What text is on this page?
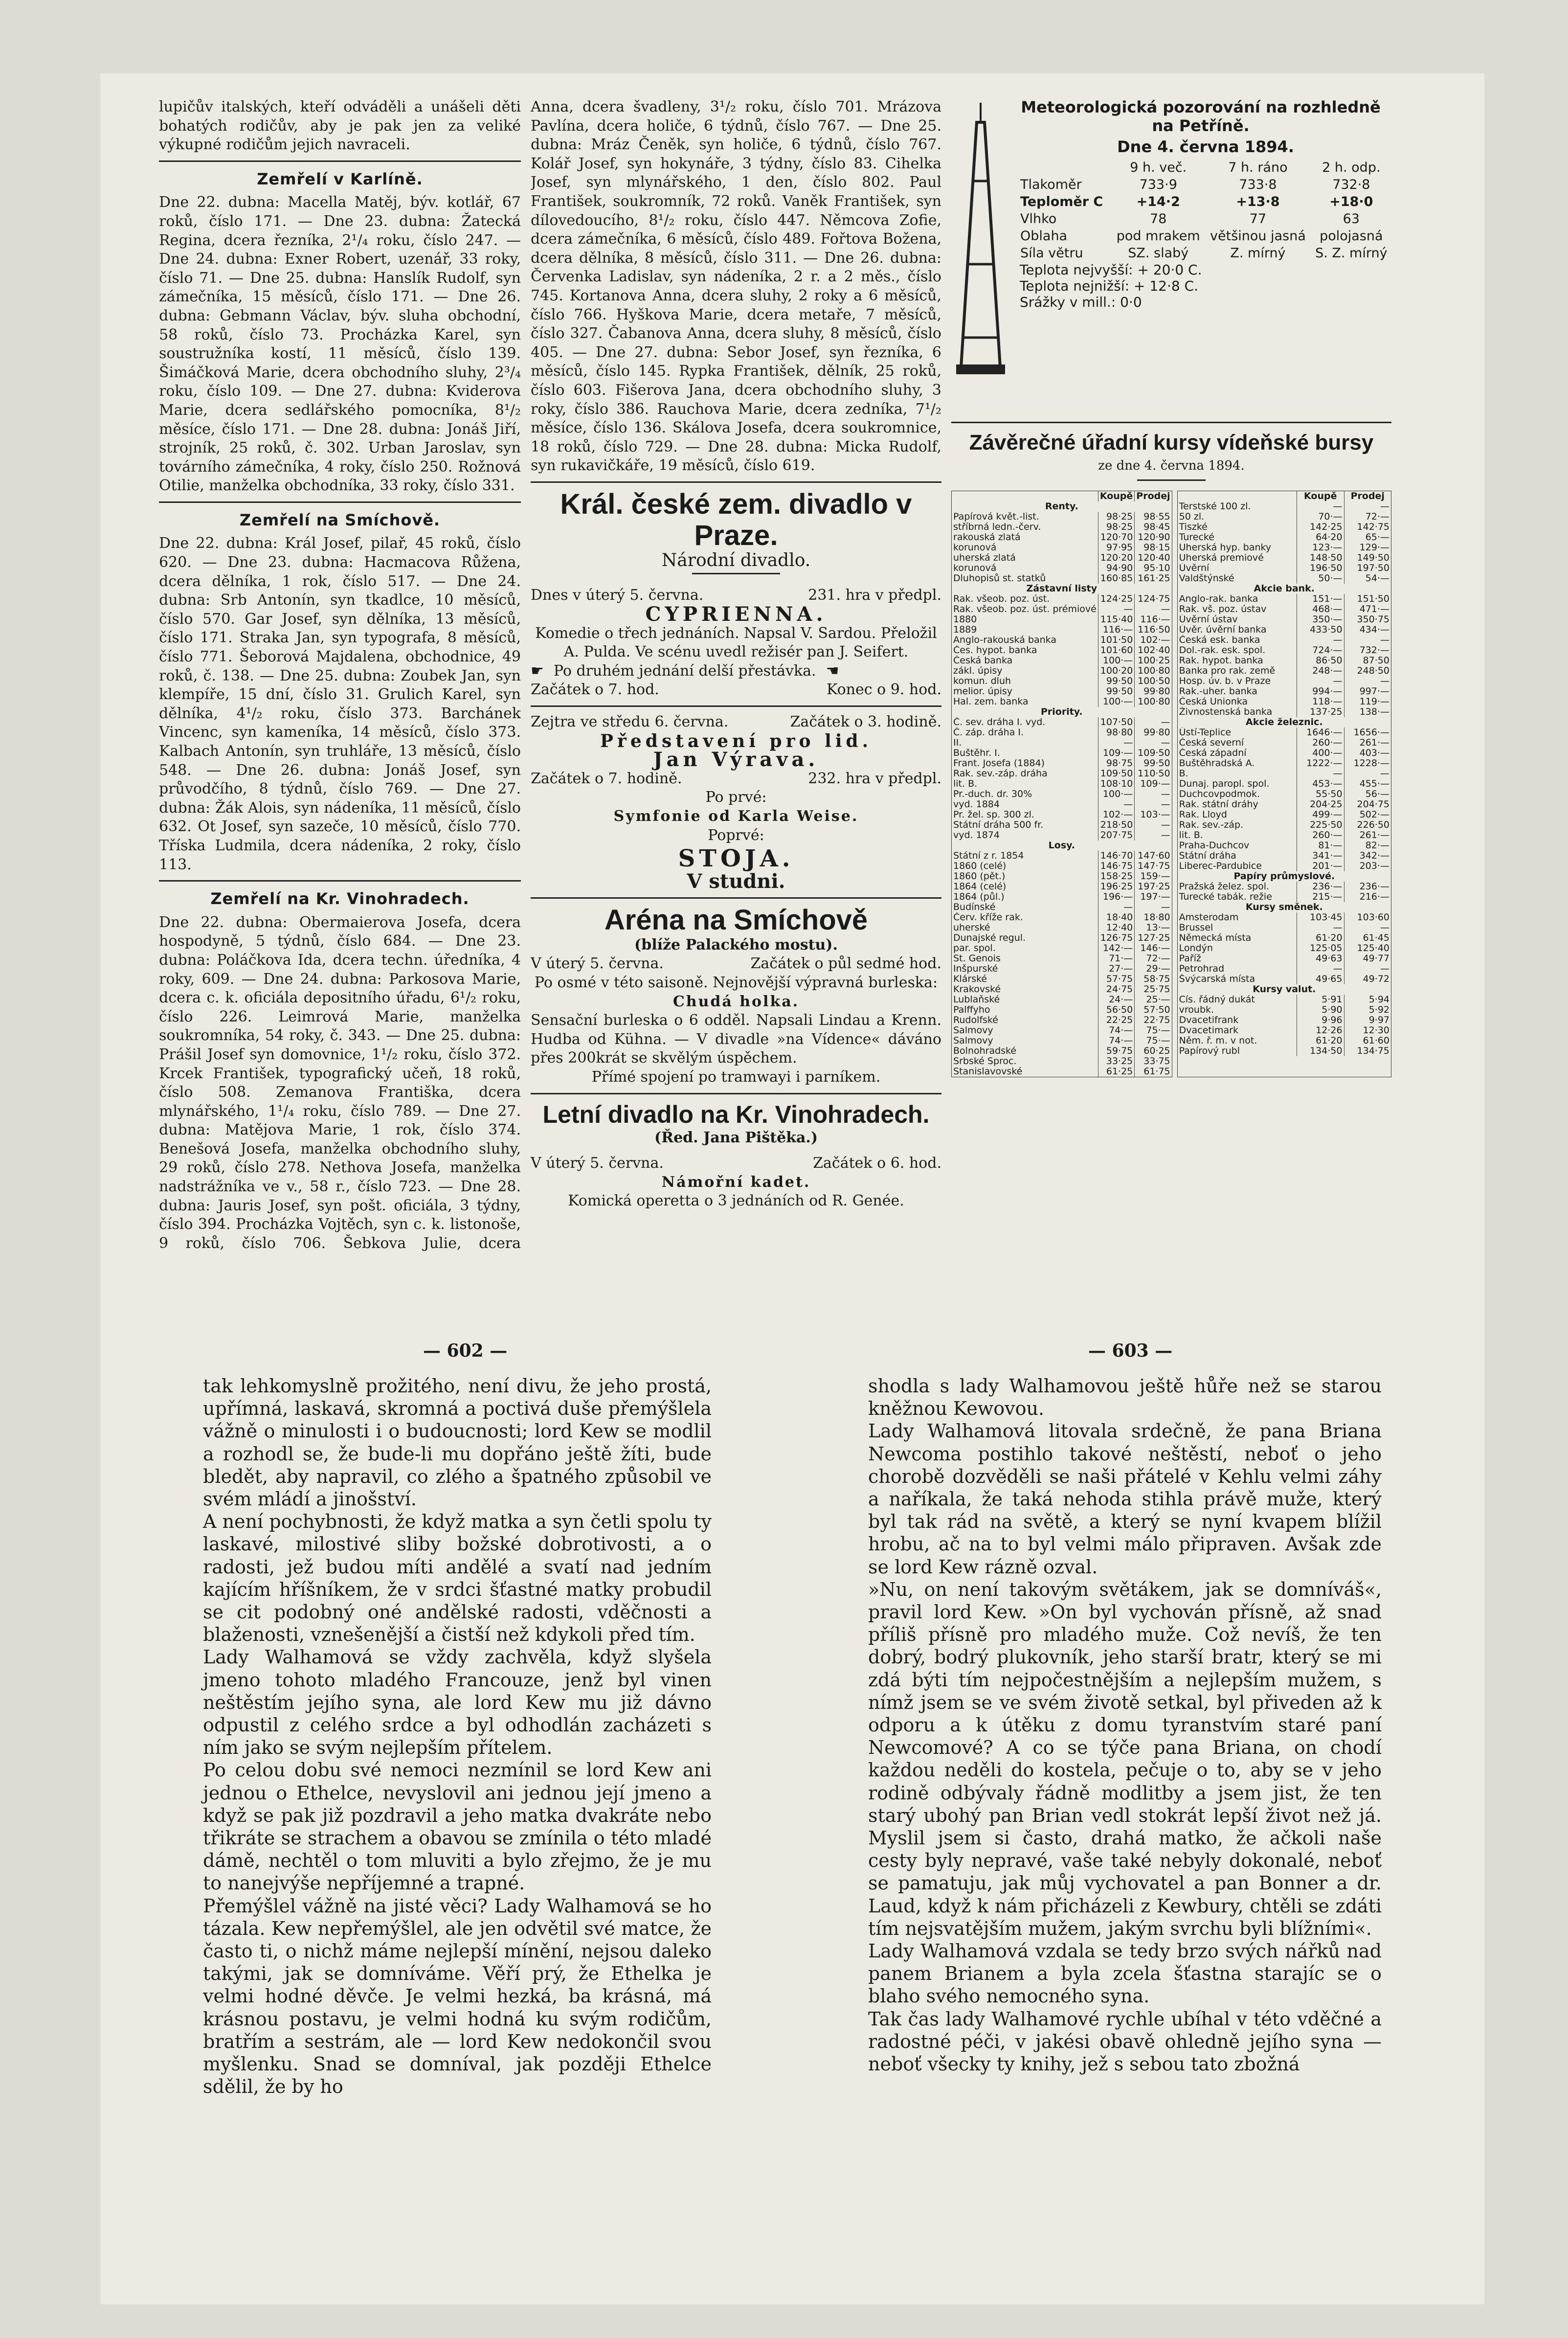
lupičův italských, kteří odváděli a unášeli děti bohatých rodičův, aby je pak jen za veliké výkupné rodičům jejich navraceli.

Zemřelí v Karlíně.

Dne 22. dubna: Macella Matěj, býv. kotlář, 67 roků, číslo 171. — Dne 23. dubna: Žatecká Regina, dcera řezníka, 2¹/₄ roku, číslo 247. — Dne 24. dubna: Exner Robert, uzenář, 33 roky, číslo 71. — Dne 25. dubna: Hanslík Rudolf, syn zámečníka, 15 měsíců, číslo 171. — Dne 26. dubna: Gebmann Václav, býv. sluha obchodní, 58 roků, číslo 73. Procházka Karel, syn soustružníka kostí, 11 měsíců, číslo 139. Šimáčková Marie, dcera obchodního sluhy, 2³/₄ roku, číslo 109. — Dne 27. dubna: Kviderova Marie, dcera sedlářského pomocníka, 8¹/₂ měsíce, číslo 171. — Dne 28. dubna: Jonáš Jiří, strojník, 25 roků, č. 302. Urban Jaroslav, syn továrního zámečníka, 4 roky, číslo 250. Rožnová Otilie, manželka obchodníka, 33 roky, číslo 331.

Zemřelí na Smíchově.

Dne 22. dubna: Král Josef, pilař, 45 roků, číslo 620. — Dne 23. dubna: Hacmacova Růžena, dcera dělníka, 1 rok, číslo 517. — Dne 24. dubna: Srb Antonín, syn tkadlce, 10 měsíců, číslo 570. Gar Josef, syn dělníka, 13 měsíců, číslo 171. Straka Jan, syn typografa, 8 měsíců, číslo 771. Šeborová Majdalena, obchodnice, 49 roků, č. 138. — Dne 25. dubna: Zoubek Jan, syn klempíře, 15 dní, číslo 31. Grulich Karel, syn dělníka, 4¹/₂ roku, číslo 373. Barchánek Vincenc, syn kameníka, 14 měsíců, číslo 373. Kalbach Antonín, syn truhláře, 13 měsíců, číslo 548. — Dne 26. dubna: Jonáš Josef, syn průvodčího, 8 týdnů, číslo 769. — Dne 27. dubna: Žák Alois, syn nádeníka, 11 měsíců, číslo 632. Ot Josef, syn sazeče, 10 měsíců, číslo 770. Tříska Ludmila, dcera nádeníka, 2 roky, číslo 113.

Zemřelí na Kr. Vinohradech.

Dne 22. dubna: Obermaierova Josefa, dcera hospodyně, 5 týdnů, číslo 684. — Dne 23. dubna: Poláčkova Ida, dcera techn. úředníka, 4 roky, 609. — Dne 24. dubna: Parkosova Marie, dcera c. k. oficiála depositního úřadu, 6¹/₂ roku, číslo 226. Leimrová Marie, manželka soukromníka, 54 roky, č. 343. — Dne 25. dubna: Prášil Josef syn domovnice, 1¹/₂ roku, číslo 372. Krcek František, typografický učeň, 18 roků, číslo 508. Zemanova Františka, dcera mlynářského, 1¹/₄ roku, číslo 789. — Dne 27. dubna: Matějova Marie, 1 rok, číslo 374. Benešová Josefa, manželka obchodního sluhy, 29 roků, číslo 278. Nethova Josefa, manželka nadstrážníka ve v., 58 r., číslo 723. — Dne 28. dubna: Jauris Josef, syn pošt. oficiála, 3 týdny, číslo 394. Procházka Vojtěch, syn c. k. listonoše, 9 roků, číslo 706. Šebkova Julie, dcera

Anna, dcera švadleny, 3¹/₂ roku, číslo 701. Mrázova Pavlína, dcera holiče, 6 týdnů, číslo 767. — Dne 25. dubna: Mráz Čeněk, syn holiče, 6 týdnů, číslo 767. Kolář Josef, syn hokynáře, 3 týdny, číslo 83. Cihelka Josef, syn mlynářského, 1 den, číslo 802. Paul František, soukromník, 72 roků. Vaněk František, syn dílovedoucího, 8¹/₂ roku, číslo 447. Němcova Zofie, dcera zámečníka, 6 měsíců, číslo 489. Fořtova Božena, dcera dělníka, 8 měsíců, číslo 311. — Dne 26. dubna: Červenka Ladislav, syn nádeníka, 2 r. a 2 měs., číslo 745. Kortanova Anna, dcera sluhy, 2 roky a 6 měsíců, číslo 766. Hyškova Marie, dcera metaře, 7 měsíců, číslo 327. Čabanova Anna, dcera sluhy, 8 měsíců, číslo 405. — Dne 27. dubna: Sebor Josef, syn řezníka, 6 měsíců, číslo 145. Rypka František, dělník, 25 roků, číslo 603. Fišerova Jana, dcera obchodního sluhy, 3 roky, číslo 386. Rauchova Marie, dcera zedníka, 7¹/₂ měsíce, číslo 136. Skálova Josefa, dcera soukromnice, 18 roků, číslo 729. — Dne 28. dubna: Micka Rudolf, syn rukavičkáře, 19 měsíců, číslo 619.

Král. české zem. divadlo v Praze.
Národní divadlo.
Dnes v úterý 5. června.	231. hra v předpl.
CYPRIENNA.

Komedie o třech jednáních. Napsal V. Sardou. Přeložil A. Pulda. Ve scénu uvedl režisér pan J. Seifert.

☛ Po druhém jednání delší přestávka. ☚
Začátek o 7. hod.	Konec o 9. hod.
Zejtra ve středu 6. června.	Začátek o 3. hodině.
Představení pro lid.
Jan Výrava.
Začátek o 7. hodině.	232. hra v předpl.
Po prvé:
Symfonie od Karla Weise.
Poprvé:
STOJA.
V studni.
Aréna na Smíchově
(blíže Palackého mostu).
V úterý 5. června.	Začátek o půl sedmé hod.

Po osmé v této saisoně. Nejnovější výpravná burleska:

Chudá holka.

Sensační burleska o 6 odděl. Napsali Lindau a Krenn. Hudba od Kühna. — V divadle »na Vídence« dáváno přes 200krát se skvělým úspěchem.

Přímé spojení po tramwayi i parníkem.
Letní divadlo na Kr. Vinohradech.
(Řed. Jana Pištěka.)
V úterý 5. června.	Začátek o 6. hod.
Námořní kadet.
Komická operetta o 3 jednáních od R. Genée.
Meteorologická pozorování na rozhledně na Petříně.
Dne 4. června 1894.
	9 h. več.	7 h. ráno	2 h. odp.
Tlakoměr	733·9	733·8	732·8
Teploměr C	+14·2	+13·8	+18·0
Vlhko	78	77	63
Oblaha	pod mrakem	většinou jasná	polojasná
Síla větru	SZ. slabý	Z. mírný	S. Z. mírný
Teplota nejvyšší: + 20·0 C.
Teplota nejnižší: + 12·8 C.
Srážky v mill.: 0·0
Závěrečné úřadní kursy vídeňské bursy
ze dne 4. června 1894.
	Koupě	Prodej
Renty.		
Papírová květ.-list.	98·25	98·55
stříbrná ledn.-červ.	98·25	98·45
rakouská zlatá	120·70	120·90
korunová	97·95	98·15
uherská zlatá	120·20	120·40
korunová	94·90	95·10
Dluhopisů st. statků	160·85	161·25
Zástavní listy		
Rak. všeob. poz. úst.	124·25	124·75
Rak. všeob. poz. úst. prémiové	—	—
1880	115·40	116·—
1889	116·—	116·50
Anglo-rakouská banka	101·50	102·—
Čes. hypot. banka	101·60	102·40
Česká banka	100·—	100·25
zákl. úpisy	100·20	100·80
komun. dluh	99·50	100·50
melior. úpisy	99·50	99·80
Hal. zem. banka	100·—	100·80
Priority.		
Č. sev. dráha I. vyd.	107·50	—
Č. záp. dráha I.	98·80	99·80
II.	—	—
Buštěhr. I.	109·—	109·50
Frant. Josefa (1884)	98·75	99·50
Rak. sev.-záp. dráha	109·50	110·50
lit. B.	108·10	109·—
Pr.-duch. dr. 30%	100·—	—
vyd. 1884	—	—
Pr. žel. sp. 300 zl.	102·—	103·—
Státní dráha 500 fr.	218·50	—
vyd. 1874	207·75	—
Losy.		
Státní z r. 1854	146·70	147·60
1860 (celé)	146·75	147·75
1860 (pět.)	158·25	159·—
1864 (celé)	196·25	197·25
1864 (půl.)	196·—	197·—
Budínské	—	—
Červ. kříže rak.	18·40	18·80
uherské	12·40	13·—
Dunajské regul.	126·75	127·25
par. spol.	142·—	146·—
St. Genois	71·—	72·—
Inšpurské	27·—	29·—
Klárské	57·75	58·75
Krakovské	24·75	25·75
Lublaňské	24·—	25·—
Palffyho	56·50	57·50
Rudolfské	22·25	22·75
Salmovy	74·—	75·—
Salmovy	74·—	75·—
Bolnohradské	59·75	60·25
Srbské Sproc.	33·25	33·75
Stanislavovské	61·25	61·75
	Koupě	Prodej
Terstské 100 zl.	—	—
50 zl.	70·—	72·—
Tiszké	142·25	142·75
Turecké	64·20	65·—
Uherská hyp. banky	123·—	129·—
Uherská premiové	148·50	149·50
Úvěrní	196·50	197·50
Valdštýnské	50·—	54·—
Akcie bank.		
Anglo-rak. banka	151·—	151·50
Rak. vš. poz. ústav	468·—	471·—
Úvěrní ústav	350·—	350·75
Úvěr. úvěrní banka	433·50	434·—
Česká esk. banka	—	—
Dol.-rak. esk. spol.	724·—	732·—
Rak. hypot. banka	86·50	87·50
Banka pro rak. země	248·—	248·50
Hosp. úv. b. v Praze	—	—
Rak.-uher. banka	994·—	997·—
Česká Unionka	118·—	119·—
Živnostenská banka	137·25	138·—
Akcie železnic.		
Ústí-Teplice	1646·—	1656·—
Česká severní	260·—	261·—
Česká západní	400·—	403·—
Buštěhradská A.	1222·—	1228·—
B.	—	—
Dunaj. paropl. spol.	453·—	455·—
Duchcovpodmok.	55·50	56·—
Rak. státní dráhy	204·25	204·75
Rak. Lloyd	499·—	502·—
Rak. sev.-záp.	225·50	226·50
lit. B.	260·—	261·—
Praha-Duchcov	81·—	82·—
Státní dráha	341·—	342·—
Liberec-Pardubice	201·—	203·—
Papíry průmyslové.		
Pražská želez. spol.	236·—	236·—
Turecké tabák. režie	215·—	216·—
Kursy směnek.		
Amsterodam	103·45	103·60
Brussel	—	—
Německá místa	61·20	61·45
Londýn	125·05	125·40
Paříž	49·63	49·77
Petrohrad	—	—
Švýcarská místa	49·65	49·72
Kursy valut.		
Cís. řádný dukát	5·91	5·94
vroubk.	5·90	5·92
Dvacetifrank	9·96	9·97
Dvacetimark	12·26	12·30
Něm. ř. m. v not.	61·20	61·60
Papírový rubl	134·50	134·75
— 602 —	— 603 —

tak lehkomyslně prožitého, není divu, že jeho prostá, upřímná, laskavá, skromná a poctivá duše přemýšlela vážně o minulosti i o budoucnosti; lord Kew se modlil a rozhodl se, že bude-li mu dopřáno ještě žíti, bude bledět, aby napravil, co zlého a špatného způsobil ve svém mládí a jinošství.

A není pochybnosti, že když matka a syn četli spolu ty laskavé, milostivé sliby božské dobrotivosti, a o radosti, jež budou míti andělé a svatí nad jedním kajícím hříšníkem, že v srdci šťastné matky probudil se cit podobný oné andělské radosti, vděčnosti a blaženosti, vznešenější a čistší než kdykoli před tím.

Lady Walhamová se vždy zachvěla, když slyšela jmeno tohoto mladého Francouze, jenž byl vinen neštěstím jejího syna, ale lord Kew mu již dávno odpustil z celého srdce a byl odhodlán zacházeti s ním jako se svým nejlepším přítelem.

Po celou dobu své nemoci nezmínil se lord Kew ani jednou o Ethelce, nevyslovil ani jednou její jmeno a když se pak již pozdravil a jeho matka dvakráte nebo třikráte se strachem a obavou se zmínila o této mladé dámě, nechtěl o tom mluviti a bylo zřejmo, že je mu to nanejvýše nepříjemné a trapné.

Přemýšlel vážně na jisté věci? Lady Walhamová se ho tázala. Kew nepřemýšlel, ale jen odvětil své matce, že často ti, o nichž máme nejlepší mínění, nejsou daleko takými, jak se domníváme. Věří prý, že Ethelka je velmi hodné děvče. Je velmi hezká, ba krásná, má krásnou postavu, je velmi hodná ku svým rodičům, bratřím a sestrám, ale — lord Kew nedokončil svou myšlenku. Snad se domníval, jak později Ethelce sdělil, že by ho

shodla s lady Walhamovou ještě hůře než se starou kněžnou Kewovou.

Lady Walhamová litovala srdečně, že pana Briana Newcoma postihlo takové neštěstí, neboť o jeho chorobě dozvěděli se naši přátelé v Kehlu velmi záhy a naříkala, že taká nehoda stihla právě muže, který byl tak rád na světě, a který se nyní kvapem blížil hrobu, ač na to byl velmi málo připraven. Avšak zde se lord Kew rázně ozval.

»Nu, on není takovým světákem, jak se domníváš«, pravil lord Kew. »On byl vychován přísně, až snad příliš přísně pro mladého muže. Což nevíš, že ten dobrý, bodrý plukovník, jeho starší bratr, který se mi zdá býti tím nejpočestnějším a nejlepším mužem, s nímž jsem se ve svém životě setkal, byl přiveden až k odporu a k útěku z domu tyranstvím staré paní Newcomové? A co se týče pana Briana, on chodí každou neděli do kostela, pečuje o to, aby se v jeho rodině odbývaly řádně modlitby a jsem jist, že ten starý ubohý pan Brian vedl stokrát lepší život než já. Myslil jsem si často, drahá matko, že ačkoli naše cesty byly nepravé, vaše také nebyly dokonalé, neboť se pamatuju, jak můj vychovatel a pan Bonner a dr. Laud, když k nám přicházeli z Kewbury, chtěli se zdáti tím nejsvatějším mužem, jakým svrchu byli blížními«.

Lady Walhamová vzdala se tedy brzo svých nářků nad panem Brianem a byla zcela šťastna starajíc se o blaho svého nemocného syna.

Tak čas lady Walhamové rychle ubíhal v této vděčné a radostné péči, v jakési obavě ohledně jejího syna — neboť všecky ty knihy, jež s sebou tato zbožná
